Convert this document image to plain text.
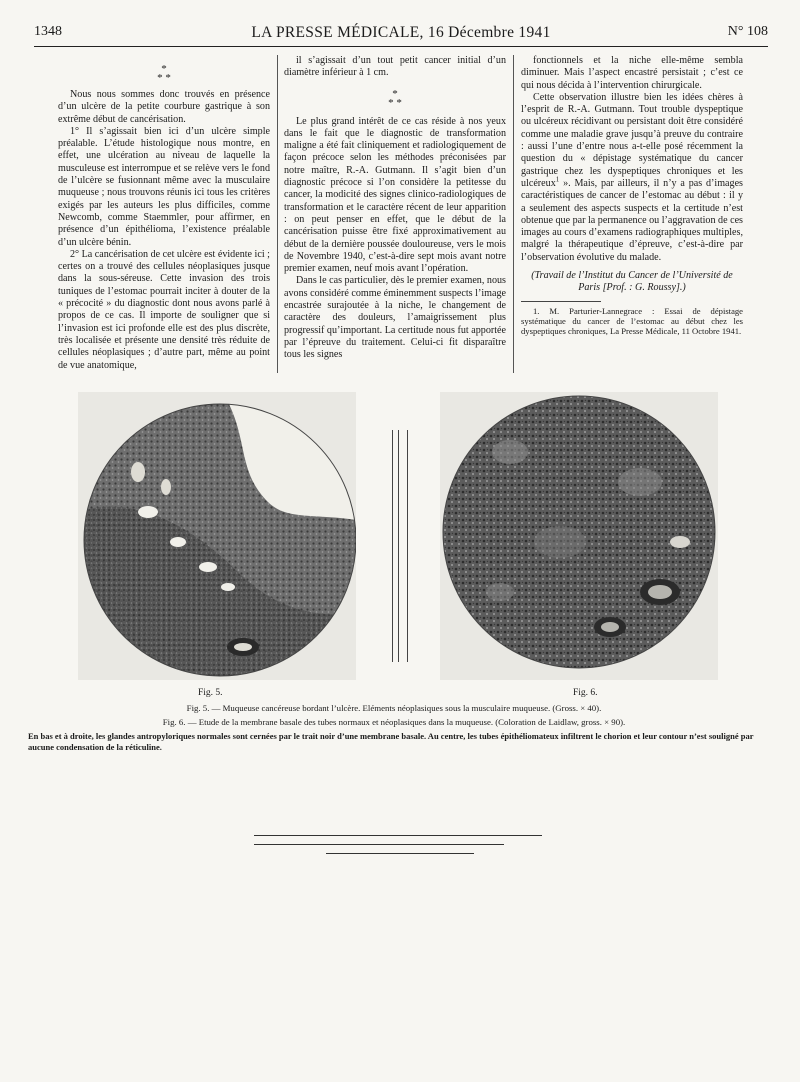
1348	LA PRESSE MÉDICALE, 16 Décembre 1941	N° 108
*
* *

Nous nous sommes donc trouvés en présence d’un ulcère de la petite courbure gastrique à son extrême début de cancérisation.

1° Il s’agissait bien ici d’un ulcère simple préalable. L’étude histologique nous montre, en effet, une ulcération au niveau de laquelle la musculeuse est interrompue et se relève vers le fond de l’ulcère se fusionnant même avec la musculaire muqueuse ; nous trouvons réunis ici tous les critères exigés par les auteurs les plus difficiles, comme Newcomb, comme Staemmler, pour affirmer, en présence d’un épithélioma, l’existence préalable d’un ulcère bénin.

2° La cancérisation de cet ulcère est évidente ici ; certes on a trouvé des cellules néoplasiques jusque dans la sous-séreuse. Cette invasion des trois tuniques de l’estomac pourrait inciter à douter de la « précocité » du diagnostic dont nous avons parlé à propos de ce cas. Il importe de souligner que si l’invasion est ici profonde elle est des plus discrète, très localisée et présente une densité très réduite de cellules néoplasiques ; d’autre part, même au point de vue anatomique,

il s’agissait d’un tout petit cancer initial d’un diamètre inférieur à 1 cm.

*
* *

Le plus grand intérêt de ce cas réside à nos yeux dans le fait que le diagnostic de transformation maligne a été fait cliniquement et radiologiquement de façon précoce selon les méthodes préconisées par notre maître, R.-A. Gutmann. Il s’agit bien d’un diagnostic précoce si l’on considère la petitesse du cancer, la modicité des signes clinico-radiologiques de transformation et le caractère récent de leur apparition : on peut penser en effet, que le début de la cancérisation puisse être fixé approximativement au début de la dernière poussée douloureuse, vers le mois de Novembre 1940, c’est-à-dire sept mois avant notre premier examen, neuf mois avant l’opération.

Dans le cas particulier, dès le premier examen, nous avons considéré comme éminemment suspects l’image encastrée surajoutée à la niche, le changement de caractère des douleurs, l’amaigrissement plus progressif qu’important. La certitude nous fut apportée par l’épreuve du traitement. Celui-ci fit disparaître tous les signes

fonctionnels et la niche elle-même sembla diminuer. Mais l’aspect encastré persistait ; c’est ce qui nous décida à l’intervention chirurgicale.

Cette observation illustre bien les idées chères à l’esprit de R.-A. Gutmann. Tout trouble dyspeptique ou ulcéreux récidivant ou persistant doit être considéré comme une maladie grave jusqu’à preuve du contraire : aussi l’une d’entre nous a-t-elle posé récemment la question du « dépistage systématique du cancer gastrique chez les dyspeptiques chroniques et les ulcéreux$^1$ ». Mais, par ailleurs, il n’y a pas d’images caractéristiques de cancer de l’estomac au début : il y a seulement des aspects suspects et la certitude n’est obtenue que par la permanence ou l’aggravation de ces images au cours d’examens radiographiques multiples, malgré la thérapeutique d’épreuve, c’est-à-dire par l’observation évolutive du malade.

(Travail de l’Institut du Cancer de l’Université de Paris [Prof. : G. Roussy].)

1. M. Parturier-Lannegrace : Essai de dépistage systématique du cancer de l’estomac au début chez les dyspeptiques chroniques, La Presse Médicale, 11 Octobre 1941.

Fig. 5.	Fig. 6.
Fig. 5. — Muqueuse cancéreuse bordant l’ulcère. Eléments néoplasiques sous la musculaire muqueuse. (Gross. × 40).
Fig. 6. — Etude de la membrane basale des tubes normaux et néoplasiques dans la muqueuse. (Coloration de Laidlaw, gross. × 90).
En bas et à droite, les glandes antropyloriques normales sont cernées par le trait noir d’une membrane basale. Au centre, les tubes épithéliomateux infiltrent le chorion et leur contour n’est souligné par aucune condensation de la réticuline.
